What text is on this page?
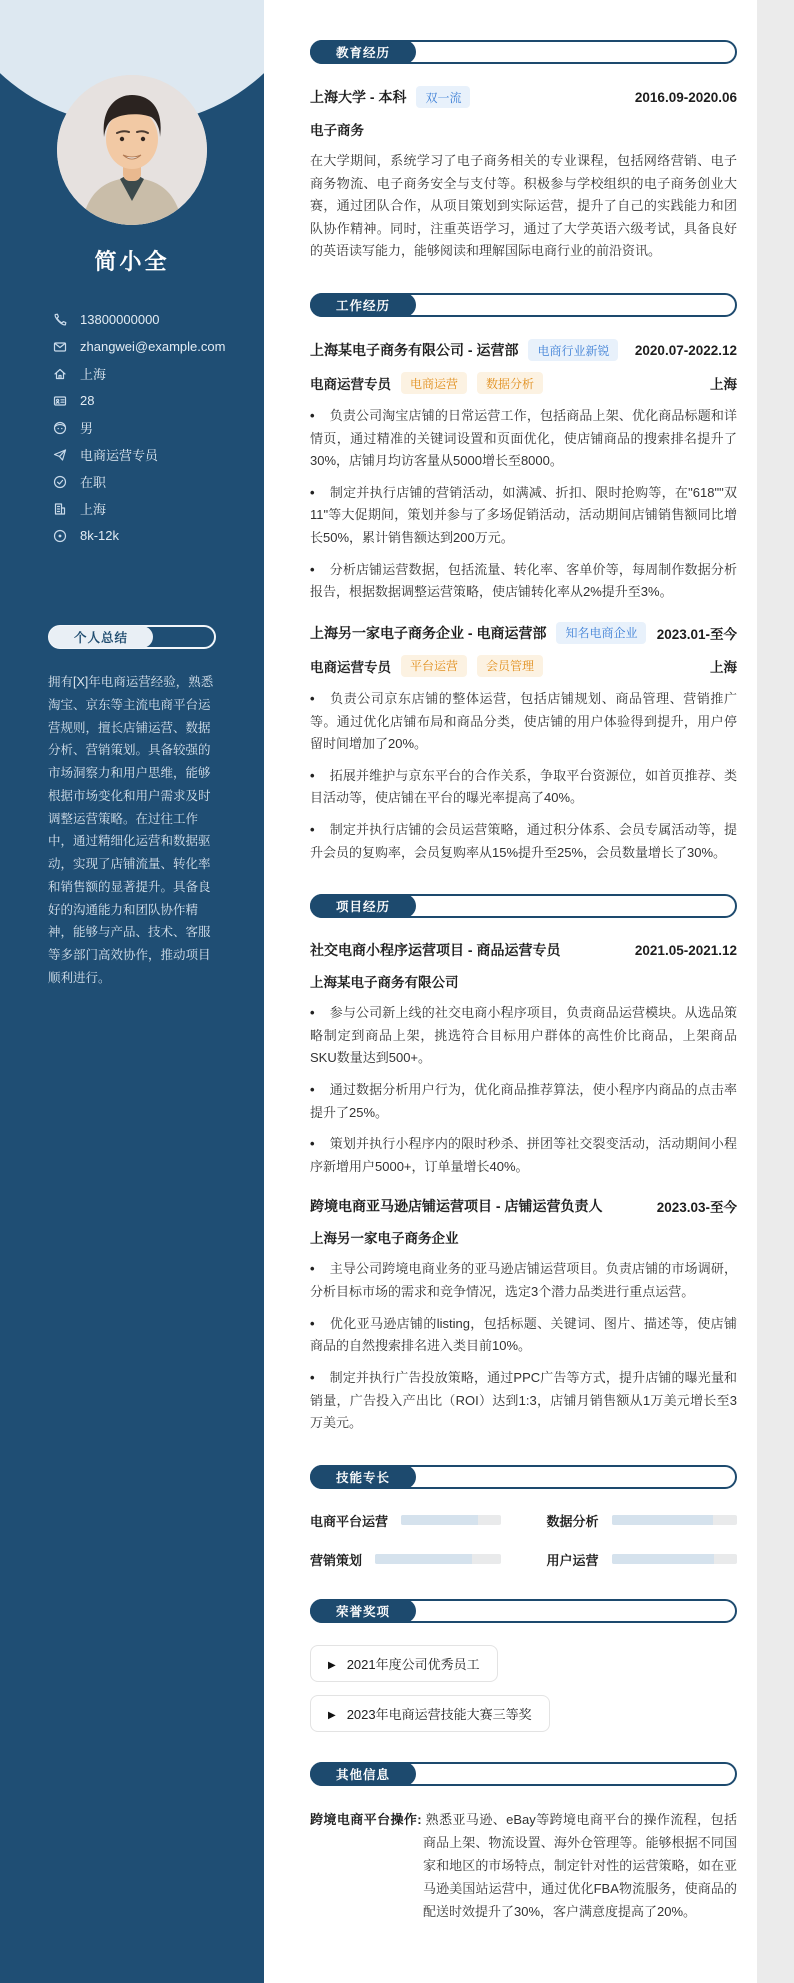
简小全
13800000000
zhangwei@example.com
上海
28
男
电商运营专员
在职
上海
8k-12k
个人总结

拥有[X]年电商运营经验，熟悉淘宝、京东等主流电商平台运营规则，擅长店铺运营、数据分析、营销策划。具备较强的市场洞察力和用户思维，能够根据市场变化和用户需求及时调整运营策略。在过往工作中，通过精细化运营和数据驱动，实现了店铺流量、转化率和销售额的显著提升。具备良好的沟通能力和团队协作精神，能够与产品、技术、客服等多部门高效协作，推动项目顺利进行。

教育经历
上海大学 - 本科	双一流	2016.09-2020.06
电子商务

在大学期间，系统学习了电子商务相关的专业课程，包括网络营销、电子商务物流、电子商务安全与支付等。积极参与学校组织的电子商务创业大赛，通过团队合作，从项目策划到实际运营，提升了自己的实践能力和团队协作精神。同时，注重英语学习，通过了大学英语六级考试，具备良好的英语读写能力，能够阅读和理解国际电商行业的前沿资讯。

工作经历
上海某电子商务有限公司 - 运营部	电商行业新锐	2020.07-2022.12
电商运营专员	电商运营	数据分析	上海

• 负责公司淘宝店铺的日常运营工作，包括商品上架、优化商品标题和详情页，通过精准的关键词设置和页面优化，使店铺商品的搜索排名提升了30%，店铺月均访客量从5000增长至8000。

• 制定并执行店铺的营销活动，如满减、折扣、限时抢购等，在"618""双11"等大促期间，策划并参与了多场促销活动，活动期间店铺销售额同比增长50%，累计销售额达到200万元。

• 分析店铺运营数据，包括流量、转化率、客单价等，每周制作数据分析报告，根据数据调整运营策略，使店铺转化率从2%提升至3%。

上海另一家电子商务企业 - 电商运营部	知名电商企业	2023.01-至今
电商运营专员	平台运营	会员管理	上海

• 负责公司京东店铺的整体运营，包括店铺规划、商品管理、营销推广等。通过优化店铺布局和商品分类，使店铺的用户体验得到提升，用户停留时间增加了20%。

• 拓展并维护与京东平台的合作关系，争取平台资源位，如首页推荐、类目活动等，使店铺在平台的曝光率提高了40%。

• 制定并执行店铺的会员运营策略，通过积分体系、会员专属活动等，提升会员的复购率，会员复购率从15%提升至25%，会员数量增长了30%。

项目经历
社交电商小程序运营项目 - 商品运营专员	2021.05-2021.12
上海某电子商务有限公司

• 参与公司新上线的社交电商小程序项目，负责商品运营模块。从选品策略制定到商品上架，挑选符合目标用户群体的高性价比商品，上架商品SKU数量达到500+。

• 通过数据分析用户行为，优化商品推荐算法，使小程序内商品的点击率提升了25%。

• 策划并执行小程序内的限时秒杀、拼团等社交裂变活动，活动期间小程序新增用户5000+，订单量增长40%。

跨境电商亚马逊店铺运营项目 - 店铺运营负责人	2023.03-至今
上海另一家电子商务企业

• 主导公司跨境电商业务的亚马逊店铺运营项目。负责店铺的市场调研，分析目标市场的需求和竞争情况，选定3个潜力品类进行重点运营。

• 优化亚马逊店铺的listing，包括标题、关键词、图片、描述等，使店铺商品的自然搜索排名进入类目前10%。

• 制定并执行广告投放策略，通过PPC广告等方式，提升店铺的曝光量和销量，广告投入产出比（ROI）达到1:3，店铺月销售额从1万美元增长至3万美元。

技能专长
电商平台运营	数据分析
营销策划	用户运营
荣誉奖项
▶
2021年度公司优秀员工
▶
2023年电商运营技能大赛三等奖
其他信息

跨境电商平台操作: 熟悉亚马逊、eBay等跨境电商平台的操作流程，包括商品上架、物流设置、海外仓管理等。能够根据不同国家和地区的市场特点，制定针对性的运营策略，如在亚马逊美国站运营中，通过优化FBA物流服务，使商品的配送时效提升了30%，客户满意度提高了20%。
